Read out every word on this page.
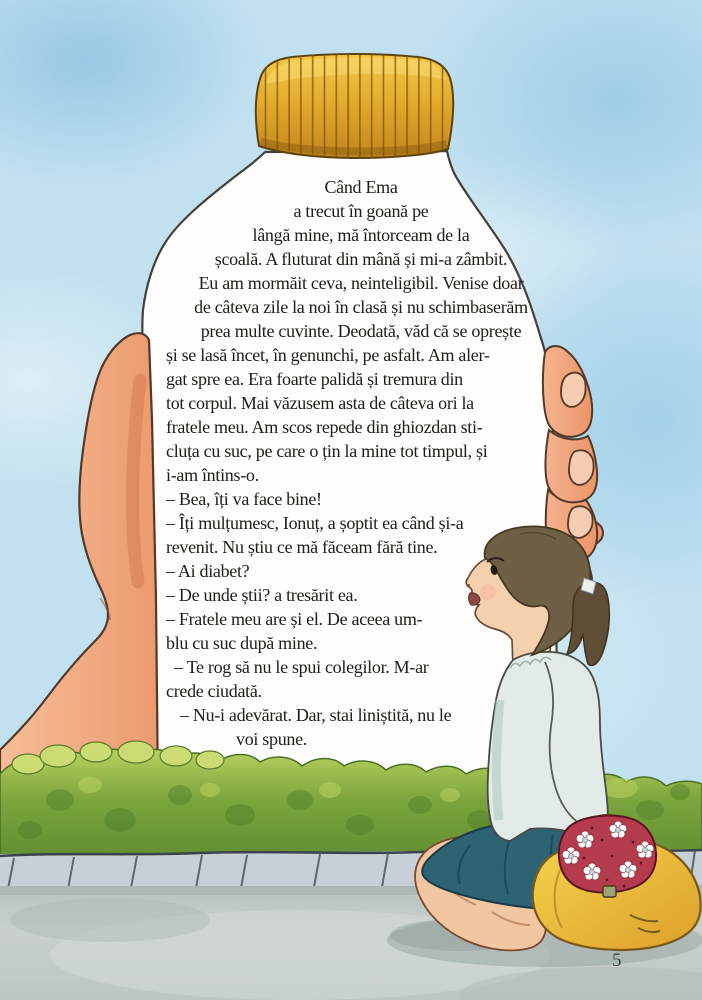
Când Ema
a trecut în goană pe
lângă mine, mă întorceam de la
școală. A fluturat din mână și mi-a zâmbit.
Eu am mormăit ceva, neinteligibil. Venise doar
de câteva zile la noi în clasă și nu schimbaserăm
prea multe cuvinte. Deodată, văd că se oprește
și se lasă încet, în genunchi, pe asfalt. Am aler-
gat spre ea. Era foarte palidă și tremura din
tot corpul. Mai văzusem asta de câteva ori la
fratele meu. Am scos repede din ghiozdan sti-
cluța cu suc, pe care o țin la mine tot timpul, și
i-am întins-o.
– Bea, îți va face bine!
– Îți mulțumesc, Ionuț, a șoptit ea când și-a
revenit. Nu știu ce mă făceam fără tine.
– Ai diabet?
– De unde știi? a tresărit ea.
– Fratele meu are și el. De aceea um-
blu cu suc după mine.
– Te rog să nu le spui colegilor. M-ar
crede ciudată.
– Nu-i adevărat. Dar, stai liniștită, nu le
voi spune.
5
